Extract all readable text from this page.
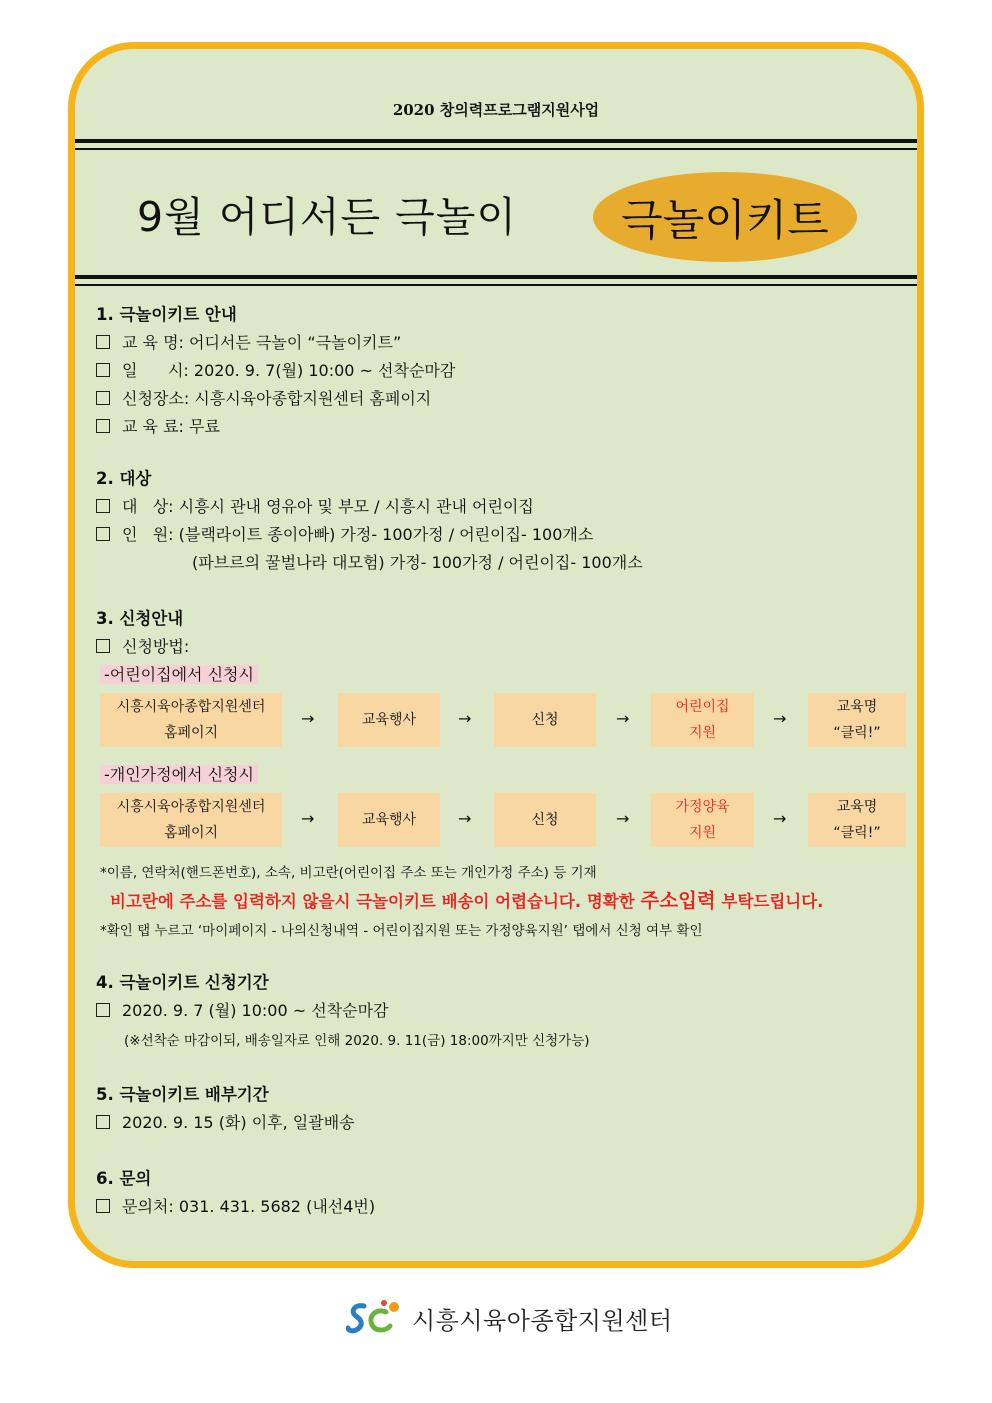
2020 창의력프로그램지원사업
9월 어디서든 극놀이 극놀이키트
1. 극놀이키트 안내
교 육 명: 어디서든 극놀이 “극놀이키트”
일      시: 2020. 9. 7(월) 10:00 ~ 선착순마감
신청장소: 시흥시육아종합지원센터 홈페이지
교 육 료: 무료
2. 대상
대   상: 시흥시 관내 영유아 및 부모 / 시흥시 관내 어린이집
인   원: (블랙라이트 종이아빠) 가정- 100가정 / 어린이집- 100개소
(파브르의 꿀벌나라 대모험) 가정- 100가정 / 어린이집- 100개소
3. 신청안내
신청방법:
-어린이집에서 신청시
시흥시육아종합지원센터
홈페이지
→	교육행사	→	신청	→
어린이집
지원
→
교육명
“클릭!”
-개인가정에서 신청시
시흥시육아종합지원센터
홈페이지
→	교육행사	→	신청	→
가정양육
지원
→
교육명
“클릭!”
*이름, 연락처(핸드폰번호), 소속, 비고란(어린이집 주소 또는 개인가정 주소) 등 기재
비고란에 주소를 입력하지 않을시 극놀이키트 배송이 어렵습니다. 명확한 주소입력 부탁드립니다.
*확인 탭 누르고 ‘마이페이지 - 나의신청내역 - 어린이집지원 또는 가정양육지원’ 탭에서 신청 여부 확인
4. 극놀이키트 신청기간
2020. 9. 7 (월) 10:00 ~ 선착순마감
(※선착순 마감이되, 배송일자로 인해 2020. 9. 11(금) 18:00까지만 신청가능)
5. 극놀이키트 배부기간
2020. 9. 15 (화) 이후, 일괄배송
6. 문의
문의처: 031. 431. 5682 (내선4번)
시흥시육아종합지원센터
